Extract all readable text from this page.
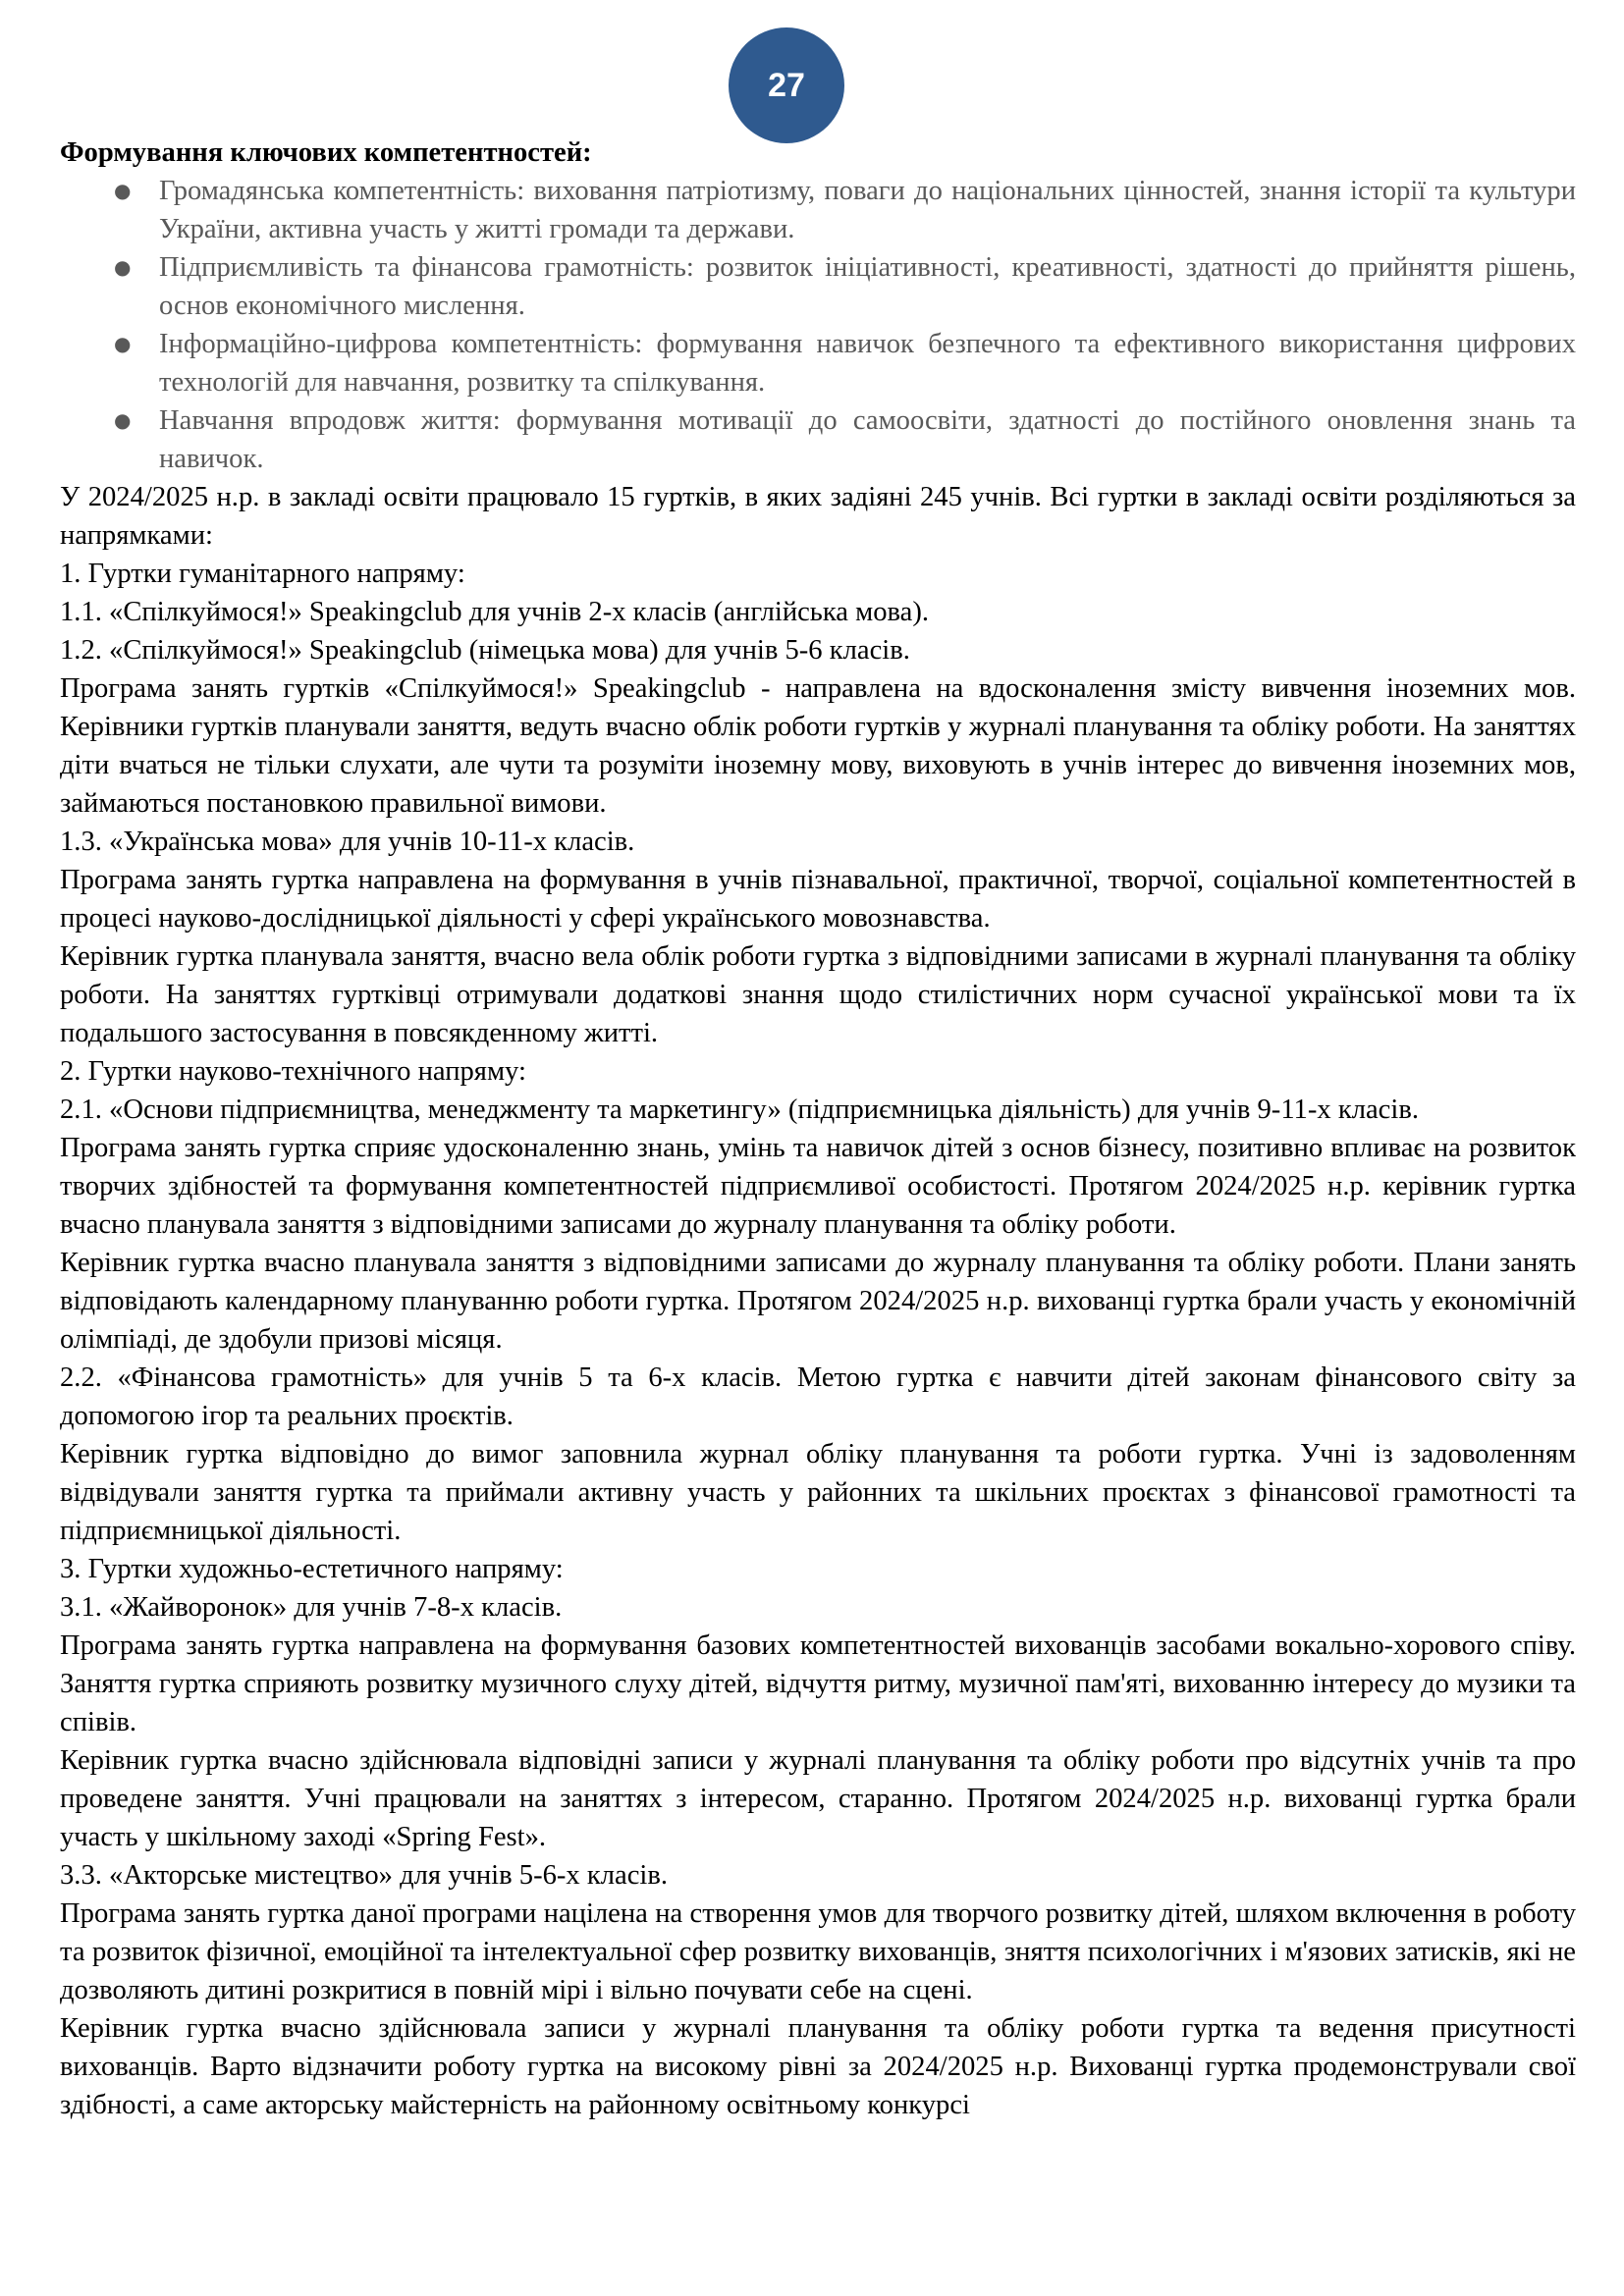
27

Формування ключових компетентностей:

● Громадянська компетентність: виховання патріотизму, поваги до національних цінностей, знання історії та культури України, активна участь у житті громади та держави.
● Підприємливість та фінансова грамотність: розвиток ініціативності, креативності, здатності до прийняття рішень, основ економічного мислення.
● Інформаційно-цифрова компетентність: формування навичок безпечного та ефективного використання цифрових технологій для навчання, розвитку та спілкування.
● Навчання впродовж життя: формування мотивації до самоосвіти, здатності до постійного оновлення знань та навичок.

У 2024/2025 н.р. в закладі освіти працювало 15 гуртків, в яких задіяні 245 учнів. Всі гуртки в закладі освіти розділяються за напрямками:

1. Гуртки гуманітарного напряму:

1.1. «Спілкуймося!» Speakingclub для учнів 2-х класів (англійська мова).

1.2. «Спілкуймося!» Speakingclub (німецька мова) для учнів 5-6 класів.

Програма занять гуртків «Спілкуймося!» Speakingclub - направлена на вдосконалення змісту вивчення іноземних мов. Керівники гуртків планували заняття, ведуть вчасно облік роботи гуртків у журналі планування та обліку роботи. На заняттях діти вчаться не тільки слухати, але чути та розуміти іноземну мову, виховують в учнів інтерес до вивчення іноземних мов, займаються постановкою правильної вимови.

1.3. «Українська мова» для учнів 10-11-х класів.

Програма занять гуртка направлена на формування в учнів пізнавальної, практичної, творчої, соціальної компетентностей в процесі науково-дослідницької діяльності у сфері українського мовознавства.

Керівник гуртка планувала заняття, вчасно вела облік роботи гуртка з відповідними записами в журналі планування та обліку роботи. На заняттях гуртківці отримували додаткові знання щодо стилістичних норм сучасної української мови та їх подальшого застосування в повсякденному житті.

2. Гуртки науково-технічного напряму:

2.1. «Основи підприємництва, менеджменту та маркетингу» (підприємницька діяльність) для учнів 9-11-х класів.

Програма занять гуртка сприяє удосконаленню знань, умінь та навичок дітей з основ бізнесу, позитивно впливає на розвиток творчих здібностей та формування компетентностей підприємливої особистості. Протягом 2024/2025 н.р. керівник гуртка вчасно планувала заняття з відповідними записами до журналу планування та обліку роботи.

Керівник гуртка вчасно планувала заняття з відповідними записами до журналу планування та обліку роботи. Плани занять відповідають календарному плануванню роботи гуртка. Протягом 2024/2025 н.р. вихованці гуртка брали участь у економічній олімпіаді, де здобули призові місяця.

2.2. «Фінансова грамотність» для учнів 5 та 6-х класів. Метою гуртка є навчити дітей законам фінансового світу за допомогою ігор та реальних проєктів.

Керівник гуртка відповідно до вимог заповнила журнал обліку планування та роботи гуртка. Учні із задоволенням відвідували заняття гуртка та приймали активну участь у районних та шкільних проєктах з фінансової грамотності та підприємницької діяльності.

3. Гуртки художньо-естетичного напряму:

3.1. «Жайворонок» для учнів 7-8-х класів.

Програма занять гуртка направлена на формування базових компетентностей вихованців засобами вокально-хорового співу. Заняття гуртка сприяють розвитку музичного слуху дітей, відчуття ритму, музичної пам'яті, вихованню інтересу до музики та співів.

Керівник гуртка вчасно здійснювала відповідні записи у журналі планування та обліку роботи про відсутніх учнів та про проведене заняття. Учні працювали на заняттях з інтересом, старанно. Протягом 2024/2025 н.р. вихованці гуртка брали участь у шкільному заході «Spring Fest».

3.3. «Акторське мистецтво» для учнів 5-6-х класів.

Програма занять гуртка даної програми націлена на створення умов для творчого розвитку дітей, шляхом включення в роботу та розвиток фізичної, емоційної та інтелектуальної сфер розвитку вихованців, зняття психологічних і м'язових затисків, які не дозволяють дитині розкритися в повній мірі і вільно почувати себе на сцені.

Керівник гуртка вчасно здійснювала записи у журналі планування та обліку роботи гуртка та ведення присутності вихованців. Варто відзначити роботу гуртка на високому рівні за 2024/2025 н.р. Вихованці гуртка продемонстрували свої здібності, а саме акторську майстерність на районному освітньому конкурсі
